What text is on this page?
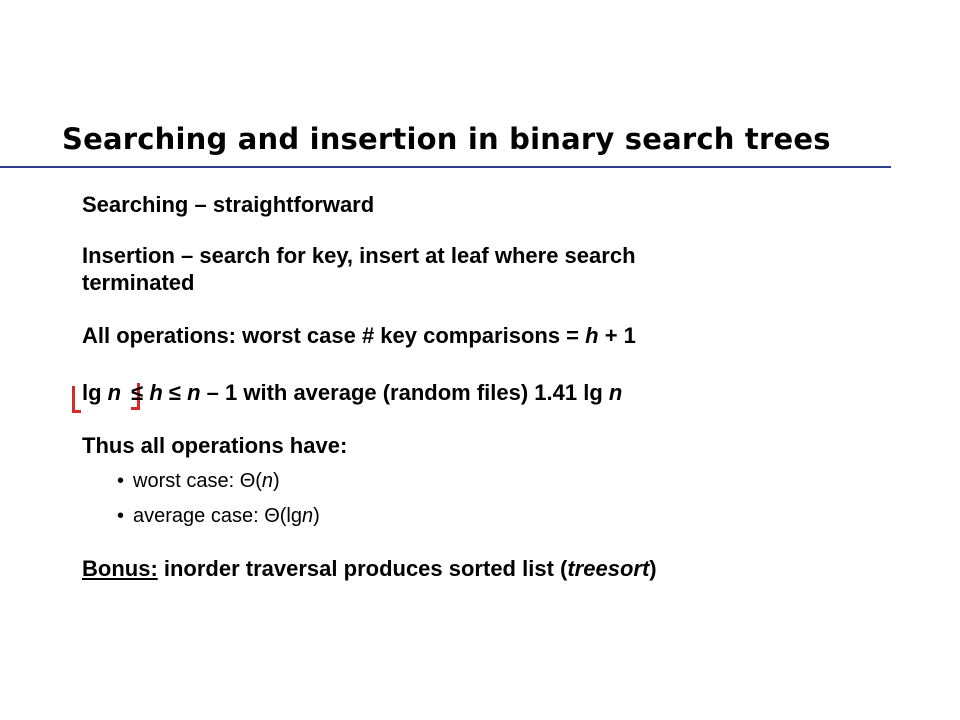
Searching and insertion in binary search trees
Searching – straightforward
Insertion – search for key, insert at leaf where search
terminated
All operations: worst case # key comparisons = h + 1
lg n ≤ h ≤ n – 1 with average (random files) 1.41 lg n
Thus all operations have:
• worst case: Θ(n)
• average case: Θ(lgn)
Bonus: inorder traversal produces sorted list (treesort)
